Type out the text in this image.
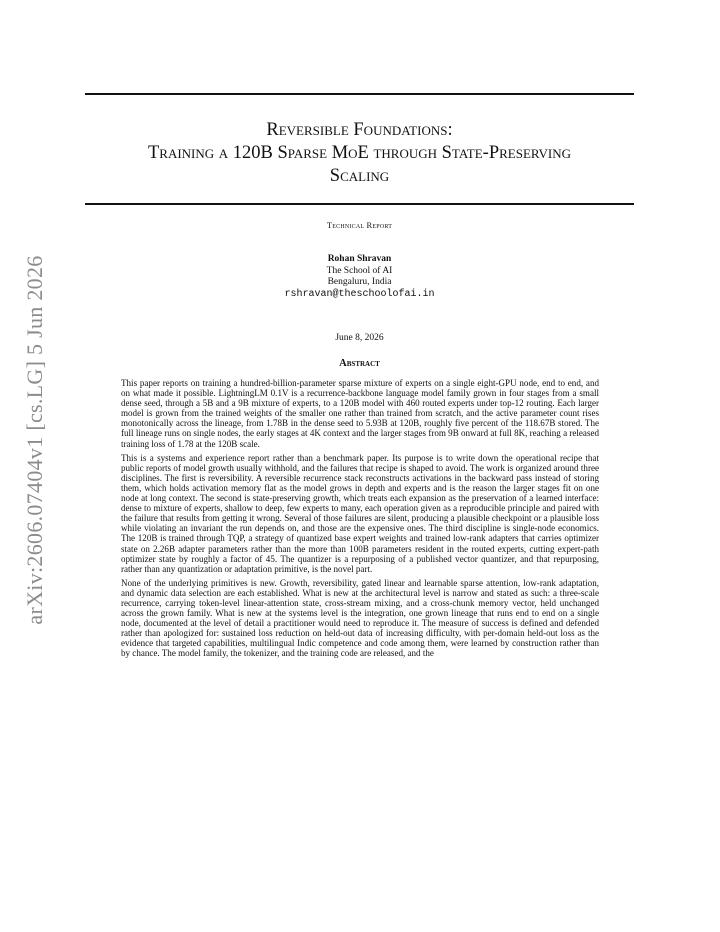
arXiv:2606.07404v1 [cs.LG] 5 Jun 2026
Reversible Foundations:
Training a 120B Sparse MoE through State-Preserving
Scaling
Technical Report
Rohan Shravan
The School of AI
Bengaluru, India
rshravan@theschoolofai.in
June 8, 2026
Abstract

This paper reports on training a hundred-billion-parameter sparse mixture of experts on a single eight-GPU node, end to end, and on what made it possible. LightningLM 0.1V is a recurrence-backbone language model family grown in four stages from a small dense seed, through a 5B and a 9B mixture of experts, to a 120B model with 460 routed experts under top-12 routing. Each larger model is grown from the trained weights of the smaller one rather than trained from scratch, and the active parameter count rises monotonically across the lineage, from 1.78B in the dense seed to 5.93B at 120B, roughly five percent of the 118.67B stored. The full lineage runs on single nodes, the early stages at 4K context and the larger stages from 9B onward at full 8K, reaching a released training loss of 1.78 at the 120B scale.

This is a systems and experience report rather than a benchmark paper. Its purpose is to write down the operational recipe that public reports of model growth usually withhold, and the failures that recipe is shaped to avoid. The work is organized around three disciplines. The first is reversibility. A reversible recurrence stack reconstructs activations in the backward pass instead of storing them, which holds activation memory flat as the model grows in depth and experts and is the reason the larger stages fit on one node at long context. The second is state-preserving growth, which treats each expansion as the preservation of a learned interface: dense to mixture of experts, shallow to deep, few experts to many, each operation given as a reproducible principle and paired with the failure that results from getting it wrong. Several of those failures are silent, producing a plausible checkpoint or a plausible loss while violating an invariant the run depends on, and those are the expensive ones. The third discipline is single-node economics. The 120B is trained through TQP, a strategy of quantized base expert weights and trained low-rank adapters that carries optimizer state on 2.26B adapter parameters rather than the more than 100B parameters resident in the routed experts, cutting expert-path optimizer state by roughly a factor of 45. The quantizer is a repurposing of a published vector quantizer, and that repurposing, rather than any quantization or adaptation primitive, is the novel part.

None of the underlying primitives is new. Growth, reversibility, gated linear and learnable sparse attention, low-rank adaptation, and dynamic data selection are each established. What is new at the architectural level is narrow and stated as such: a three-scale recurrence, carrying token-level linear-attention state, cross-stream mixing, and a cross-chunk memory vector, held unchanged across the grown family. What is new at the systems level is the integration, one grown lineage that runs end to end on a single node, documented at the level of detail a practitioner would need to reproduce it. The measure of success is defined and defended rather than apologized for: sustained loss reduction on held-out data of increasing difficulty, with per-domain held-out loss as the evidence that targeted capabilities, multilingual Indic competence and code among them, were learned by construction rather than by chance. The model family, the tokenizer, and the training code are released, and the
